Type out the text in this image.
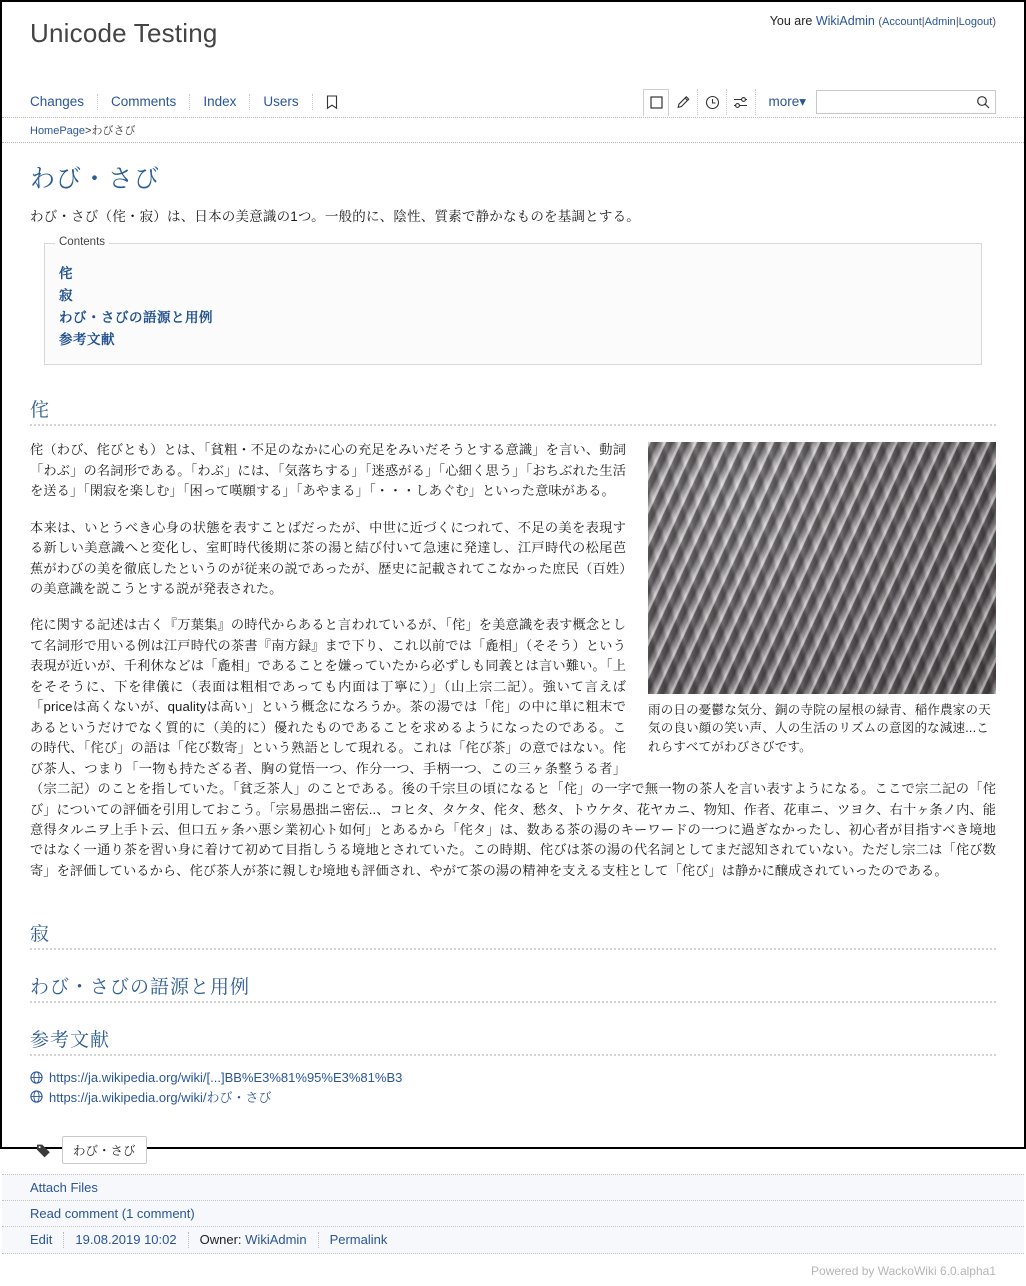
Unicode Testing	You are WikiAdmin (Account|Admin|Logout)
Changes	Comments	Index	Users	more▾
HomePage>わびさび
わび・さび

わび・さび（侘・寂）は、日本の美意識の1つ。一般的に、陰性、質素で静かなものを基調とする。

Contents
侘
寂
わび・さびの語源と用例
参考文献
侘
雨の日の憂鬱な気分、銅の寺院の屋根の緑青、稲作農家の天気の良い顔の笑い声、人の生活のリズムの意図的な減速...これらすべてがわびさびです。

侘（わび、侘びとも）とは、「貧粗・不足のなかに心の充足をみいだそうとする意識」を言い、動詞「わぶ」の名詞形である。「わぶ」には、「気落ちする」「迷惑がる」「心細く思う」「おちぶれた生活を送る」「閑寂を楽しむ」「困って嘆願する」「あやまる」「・・・しあぐむ」といった意味がある。

本来は、いとうべき心身の状態を表すことばだったが、中世に近づくにつれて、不足の美を表現する新しい美意識へと変化し、室町時代後期に茶の湯と結び付いて急速に発達し、江戸時代の松尾芭蕉がわびの美を徹底したというのが従来の説であったが、歴史に記載されてこなかった庶民（百姓）の美意識を説こうとする説が発表された。

侘に関する記述は古く『万葉集』の時代からあると言われているが、「侘」を美意識を表す概念として名詞形で用いる例は江戸時代の茶書『南方録』まで下り、これ以前では「麁相」（そそう）という表現が近いが、千利休などは「麁相」であることを嫌っていたから必ずしも同義とは言い難い。「上をそそうに、下を律儀に（表面は粗相であっても内面は丁寧に）」（山上宗二記）。強いて言えば「priceは高くないが、qualityは高い」という概念になろうか。茶の湯では「侘」の中に単に粗末であるというだけでなく質的に（美的に）優れたものであることを求めるようになったのである。この時代、「侘び」の語は「侘び数寄」という熟語として現れる。これは「侘び茶」の意ではない。侘び茶人、つまり「一物も持たざる者、胸の覚悟一つ、作分一つ、手柄一つ、この三ヶ条整うる者」（宗二記）のことを指していた。「貧乏茶人」のことである。後の千宗旦の頃になると「侘」の一字で無一物の茶人を言い表すようになる。ここで宗二記の「侘び」についての評価を引用しておこう。「宗易愚拙ニ密伝..、コヒタ、タケタ、侘タ、愁タ、トウケタ、花ヤカニ、物知、作者、花車ニ、ツヨク、右十ヶ条ノ内、能意得タルニヲ上手ト云、但口五ヶ条ハ悪シ業初心ト如何」とあるから「侘タ」は、数ある茶の湯のキーワードの一つに過ぎなかったし、初心者が目指すべき境地ではなく一通り茶を習い身に着けて初めて目指しうる境地とされていた。この時期、侘びは茶の湯の代名詞としてまだ認知されていない。ただし宗二は「侘び数寄」を評価しているから、侘び茶人が茶に親しむ境地も評価され、やがて茶の湯の精神を支える支柱として「侘び」は静かに醸成されていったのである。

寂
わび・さびの語源と用例
参考文献
https://ja.wikipedia.org/wiki/[...]BB%E3%81%95%E3%81%B3
https://ja.wikipedia.org/wiki/わび・さび
わび・さび
Attach Files
Read comment (1 comment)
Edit	19.08.2019 10:02	Owner: WikiAdmin	Permalink
Powered by WackoWiki 6.0.alpha1
